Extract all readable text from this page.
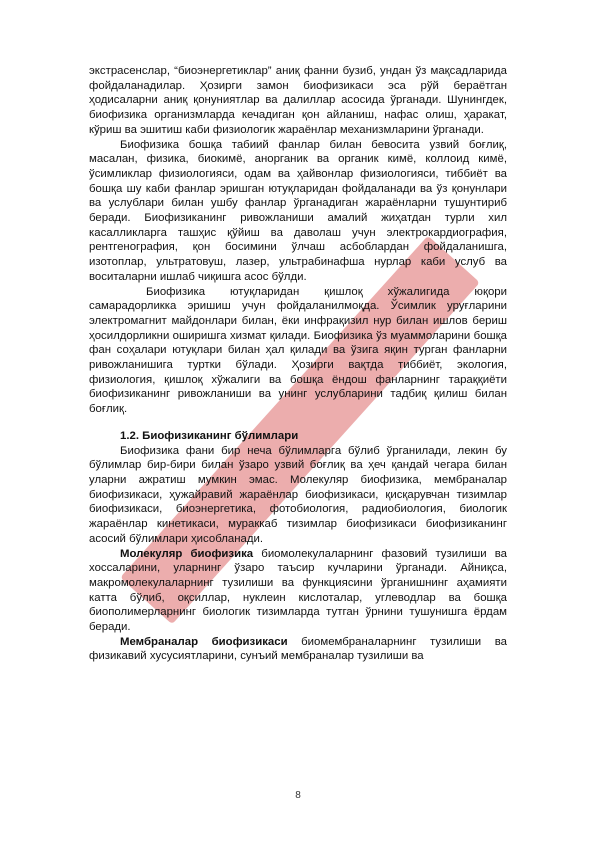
экстрасенслар, “биоэнергетиклар” аниқ фанни бузиб, ундан ўз мақсадларида фойдаланадилар. Ҳозирги замон биофизикаси эса рўй бераётган ҳодисаларни аниқ қонуниятлар ва далиллар асосида ўрганади. Шунингдек, биофизика организмларда кечадиган қон айланиш, нафас олиш, ҳаракат, кўриш ва эшитиш каби физиологик жараёнлар механизмларини ўрганади.

Биофизика бошқа табиий фанлар билан бевосита узвий боғлиқ, масалан, физика, биокимё, анорганик ва органик кимё, коллоид кимё, ўсимликлар физиологияси, одам ва ҳайвонлар физиологияси, тиббиёт ва бошқа шу каби фанлар эришган ютуқларидан фойдаланади ва ўз қонунлари ва услублари билан ушбу фанлар ўрганадиган жараёнларни тушунтириб беради. Биофизиканинг ривожланиши амалий жиҳатдан турли хил касалликларга ташҳис қўйиш ва даволаш учун электрокардиография, рентгенография, қон босимини ўлчаш асбоблардан фойдаланишга, изотоплар, ультратовуш, лазер, ультрабинафша нурлар каби услуб ва воситаларни ишлаб чиқишга асос бўлди.

Биофизика ютуқларидан қишлоқ хўжалигида юқори самарадорликка эришиш учун фойдаланилмоқда. Ўсимлик уруғларини электромагнит майдонлари билан, ёки инфрақизил нур билан ишлов бериш ҳосилдорликни оширишга хизмат қилади. Биофизика ўз муаммоларини бошқа фан соҳалари ютуқлари билан ҳал қилади ва ўзига яқин турган фанларни ривожланишига туртки бўлади. Ҳозирги вақтда тиббиёт, экология, физиология, қишлоқ хўжалиги ва бошқа ёндош фанларнинг тараққиёти биофизиканинг ривожланиши ва унинг услубларини тадбиқ қилиш билан боғлиқ.

1.2. Биофизиканинг бўлимлари

Биофизика фани бир неча бўлимларга бўлиб ўрганилади, лекин бу бўлимлар бир-бири билан ўзаро узвий боғлиқ ва ҳеч қандай чегара билан уларни ажратиш мумкин эмас. Молекуляр биофизика, мембраналар биофизикаси, ҳужайравий жараёнлар биофизикаси, қисқарувчан тизимлар биофизикаси, биоэнергетика, фотобиология, радиобиология, биологик жараёнлар кинетикаси, мураккаб тизимлар биофизикаси биофизиканинг асосий бўлимлари ҳисобланади.

Молекуляр биофизика биомолекулаларнинг фазовий тузилиши ва хоссаларини, уларнинг ўзаро таъсир кучларини ўрганади. Айниқса, макромолекулаларнинг тузилиши ва функциясини ўрганишнинг аҳамияти катта бўлиб, оқсиллар, нуклеин кислоталар, углеводлар ва бошқа биополимерларнинг биологик тизимларда тутган ўрнини тушунишга ёрдам беради.

Мембраналар биофизикаси биомембраналарнинг тузилиши ва физикавий хусусиятларини, сунъий мембраналар тузилиши ва

8
